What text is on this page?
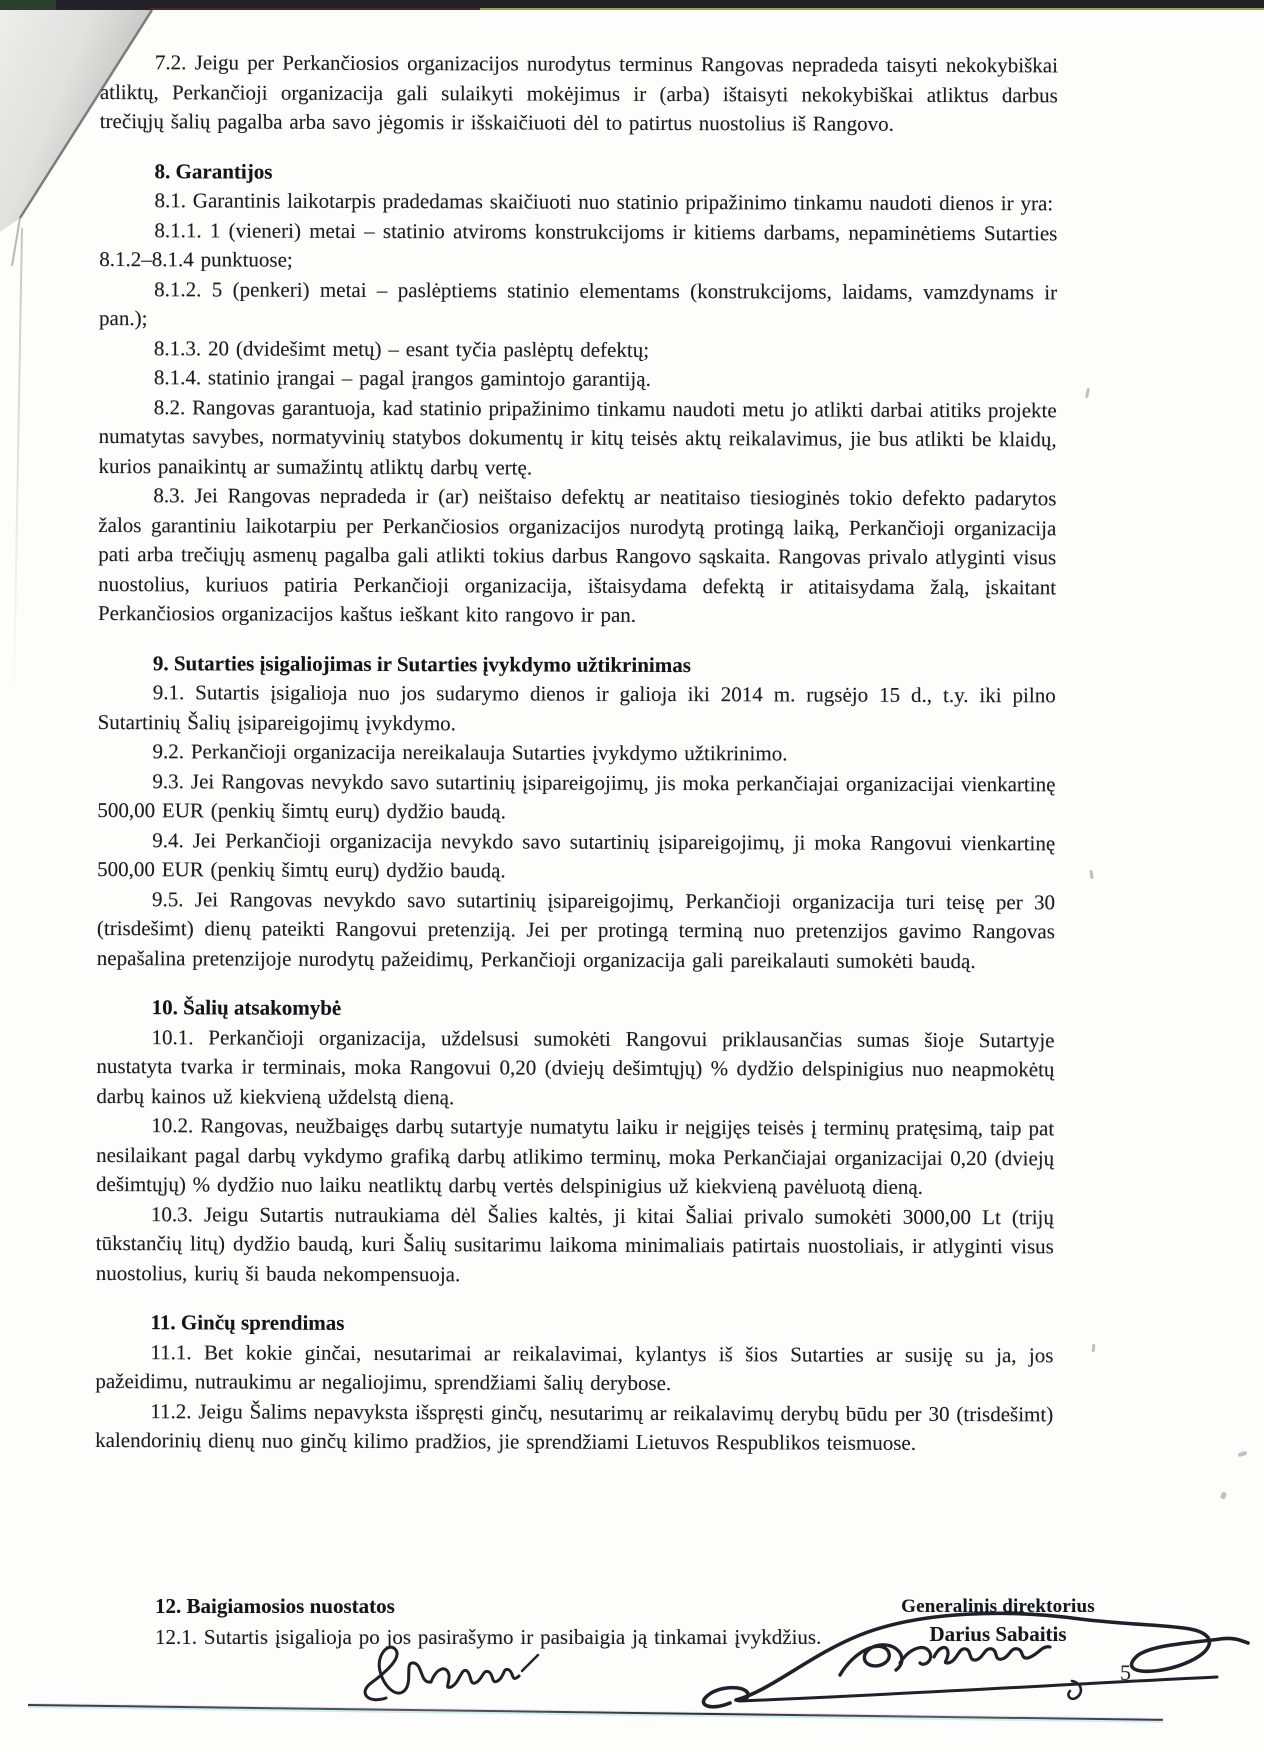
7.2. Jeigu per Perkančiosios organizacijos nurodytus terminus Rangovas nepradeda taisyti nekokybiškai atliktų, Perkančioji organizacija gali sulaikyti mokėjimus ir (arba) ištaisyti nekokybiškai atliktus darbus trečiųjų šalių pagalba arba savo jėgomis ir išskaičiuoti dėl to patirtus nuostolius iš Rangovo.

8. Garantijos

8.1. Garantinis laikotarpis pradedamas skaičiuoti nuo statinio pripažinimo tinkamu naudoti dienos ir yra:

8.1.1. 1 (vieneri) metai – statinio atviroms konstrukcijoms ir kitiems darbams, nepaminėtiems Sutarties 8.1.2–8.1.4 punktuose;

8.1.2. 5 (penkeri) metai – paslėptiems statinio elementams (konstrukcijoms, laidams, vamzdynams ir pan.);

8.1.3. 20 (dvidešimt metų) – esant tyčia paslėptų defektų;

8.1.4. statinio įrangai – pagal įrangos gamintojo garantiją.

8.2. Rangovas garantuoja, kad statinio pripažinimo tinkamu naudoti metu jo atlikti darbai atitiks projekte numatytas savybes, normatyvinių statybos dokumentų ir kitų teisės aktų reikalavimus, jie bus atlikti be klaidų, kurios panaikintų ar sumažintų atliktų darbų vertę.

8.3. Jei Rangovas nepradeda ir (ar) neištaiso defektų ar neatitaiso tiesioginės tokio defekto padarytos žalos garantiniu laikotarpiu per Perkančiosios organizacijos nurodytą protingą laiką, Perkančioji organizacija pati arba trečiųjų asmenų pagalba gali atlikti tokius darbus Rangovo sąskaita. Rangovas privalo atlyginti visus nuostolius, kuriuos patiria Perkančioji organizacija, ištaisydama defektą ir atitaisydama žalą, įskaitant Perkančiosios organizacijos kaštus ieškant kito rangovo ir pan.

9. Sutarties įsigaliojimas ir Sutarties įvykdymo užtikrinimas

9.1. Sutartis įsigalioja nuo jos sudarymo dienos ir galioja iki 2014 m. rugsėjo 15 d., t.y. iki pilno Sutartinių Šalių įsipareigojimų įvykdymo.

9.2. Perkančioji organizacija nereikalauja Sutarties įvykdymo užtikrinimo.

9.3. Jei Rangovas nevykdo savo sutartinių įsipareigojimų, jis moka perkančiajai organizacijai vienkartinę 500,00 EUR (penkių šimtų eurų) dydžio baudą.

9.4. Jei Perkančioji organizacija nevykdo savo sutartinių įsipareigojimų, ji moka Rangovui vienkartinę 500,00 EUR (penkių šimtų eurų) dydžio baudą.

9.5. Jei Rangovas nevykdo savo sutartinių įsipareigojimų, Perkančioji organizacija turi teisę per 30 (trisdešimt) dienų pateikti Rangovui pretenziją. Jei per protingą terminą nuo pretenzijos gavimo Rangovas nepašalina pretenzijoje nurodytų pažeidimų, Perkančioji organizacija gali pareikalauti sumokėti baudą.

10. Šalių atsakomybė

10.1. Perkančioji organizacija, uždelsusi sumokėti Rangovui priklausančias sumas šioje Sutartyje nustatyta tvarka ir terminais, moka Rangovui 0,20 (dviejų dešimtųjų) % dydžio delspinigius nuo neapmokėtų darbų kainos už kiekvieną uždelstą dieną.

10.2. Rangovas, neužbaigęs darbų sutartyje numatytu laiku ir neįgijęs teisės į terminų pratęsimą, taip pat nesilaikant pagal darbų vykdymo grafiką darbų atlikimo terminų, moka Perkančiajai organizacijai 0,20 (dviejų dešimtųjų) % dydžio nuo laiku neatliktų darbų vertės delspinigius už kiekvieną pavėluotą dieną.

10.3. Jeigu Sutartis nutraukiama dėl Šalies kaltės, ji kitai Šaliai privalo sumokėti 3000,00 Lt (trijų tūkstančių litų) dydžio baudą, kuri Šalių susitarimu laikoma minimaliais patirtais nuostoliais, ir atlyginti visus nuostolius, kurių ši bauda nekompensuoja.

11. Ginčų sprendimas

11.1. Bet kokie ginčai, nesutarimai ar reikalavimai, kylantys iš šios Sutarties ar susiję su ja, jos pažeidimu, nutraukimu ar negaliojimu, sprendžiami šalių derybose.

11.2. Jeigu Šalims nepavyksta išspręsti ginčų, nesutarimų ar reikalavimų derybų būdu per 30 (trisdešimt) kalendorinių dienų nuo ginčų kilimo pradžios, jie sprendžiami Lietuvos Respublikos teismuose.

12. Baigiamosios nuostatos

12.1. Sutartis įsigalioja po jos pasirašymo ir pasibaigia ją tinkamai įvykdžius.

Generalinis direktorius
Darius Sabaitis
5
